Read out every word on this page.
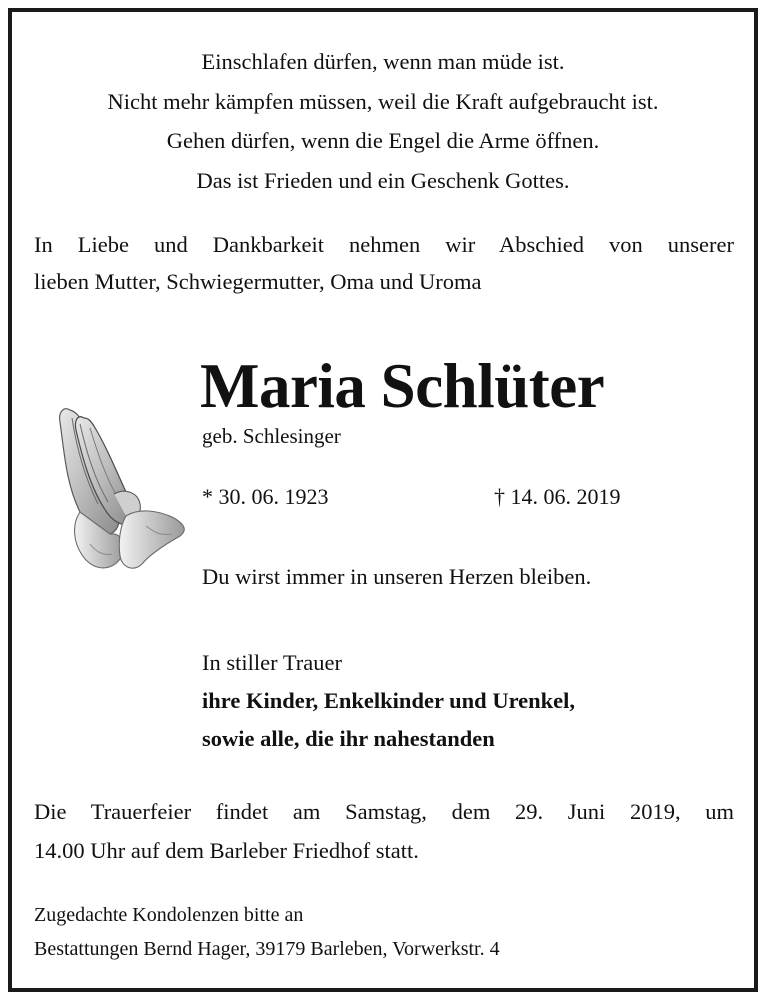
Einschlafen dürfen, wenn man müde ist.
Nicht mehr kämpfen müssen, weil die Kraft aufgebraucht ist.
Gehen dürfen, wenn die Engel die Arme öffnen.
Das ist Frieden und ein Geschenk Gottes.
In Liebe und Dankbarkeit nehmen wir Abschied von unserer
lieben Mutter, Schwiegermutter, Oma und Uroma
Maria Schlüter
geb. Schlesinger
* 30. 06. 1923	† 14. 06. 2019
Du wirst immer in unseren Herzen bleiben.
In stiller Trauer
ihre Kinder, Enkelkinder und Urenkel,
sowie alle, die ihr nahestanden
Die Trauerfeier findet am Samstag, dem 29. Juni 2019, um
14.00 Uhr auf dem Barleber Friedhof statt.
Zugedachte Kondolenzen bitte an
Bestattungen Bernd Hager, 39179 Barleben, Vorwerkstr. 4
